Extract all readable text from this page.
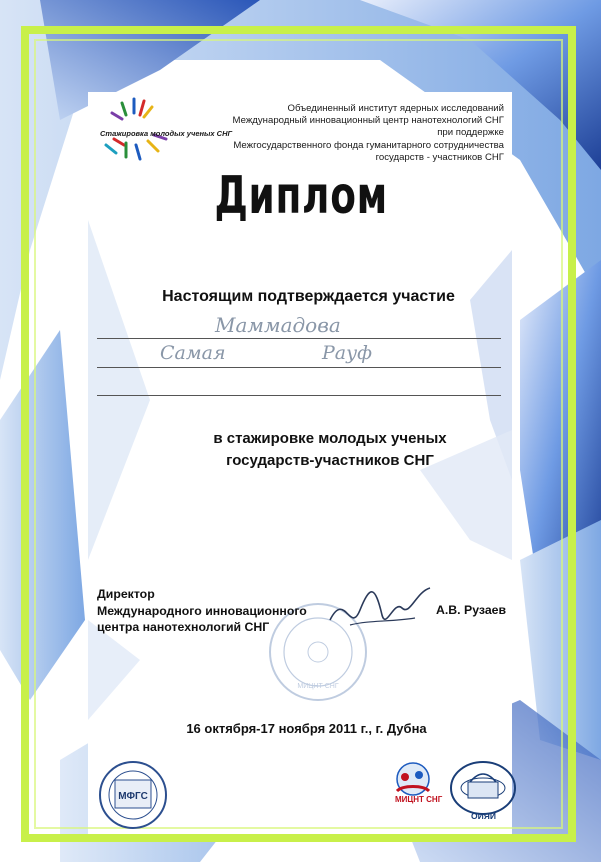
Стажировка молодых ученых СНГ
Объединенный институт ядерных исследований
Международный инновационный центр нанотехнологий СНГ
при поддержке
Межгосударственного фонда гуманитарного сотрудничества
государств - участников СНГ
Диплом
Настоящим подтверждается участие
Маммадова
Самая	Рауф
в стажировке молодых ученых
государств-участников СНГ
МИЦНТ СНГ
Директор
Международного инновационного
центра нанотехнологий СНГ
А.В. Рузаев
16 октября-17 ноября 2011 г., г. Дубна
МФГС	МИЦНТ СНГ
ОИЯИ
